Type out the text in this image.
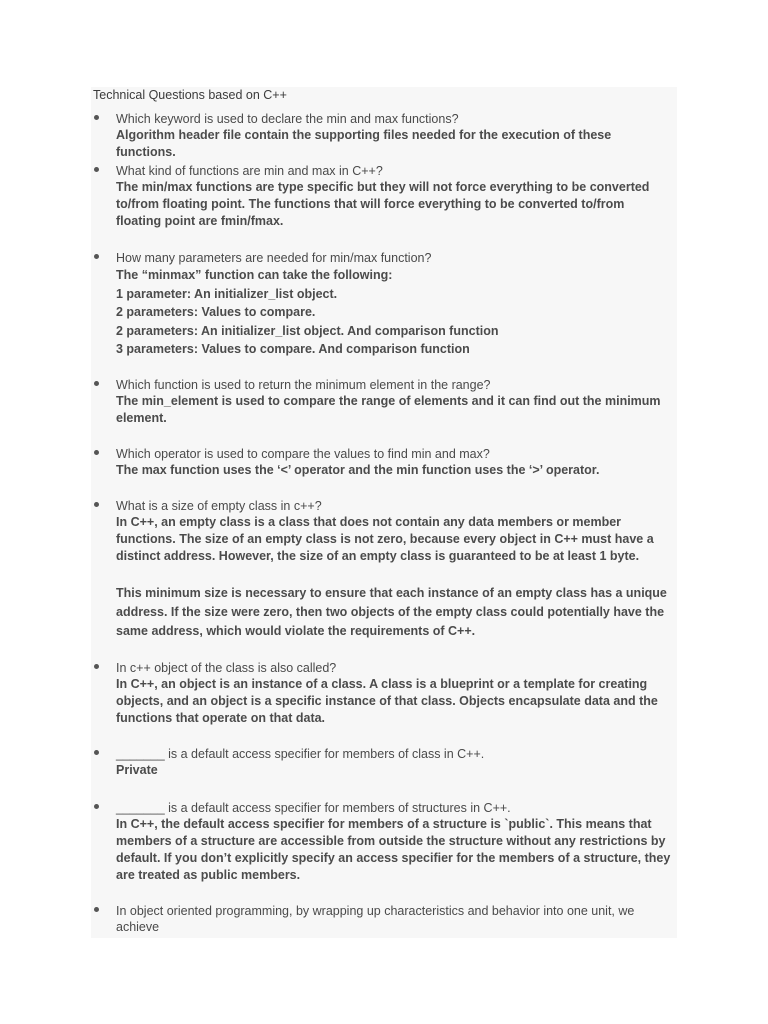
Technical Questions based on C++
Which keyword is used to declare the min and max functions?
Algorithm header file contain the supporting files needed for the execution of these functions.
What kind of functions are min and max in C++?
The min/max functions are type specific but they will not force everything to be converted to/from floating point. The functions that will force everything to be converted to/from floating point are fmin/fmax.
How many parameters are needed for min/max function?
The “minmax” function can take the following:
1 parameter: An initializer_list object.
2 parameters: Values to compare.
2 parameters: An initializer_list object. And comparison function
3 parameters: Values to compare. And comparison function
Which function is used to return the minimum element in the range?
The min_element is used to compare the range of elements and it can find out the minimum element.
Which operator is used to compare the values to find min and max?
The max function uses the ‘<’ operator and the min function uses the ‘>’ operator.
What is a size of empty class in c++?
In C++, an empty class is a class that does not contain any data members or member functions. The size of an empty class is not zero, because every object in C++ must have a distinct address. However, the size of an empty class is guaranteed to be at least 1 byte.
This minimum size is necessary to ensure that each instance of an empty class has a unique address. If the size were zero, then two objects of the empty class could potentially have the same address, which would violate the requirements of C++.
In c++ object of the class is also called?
In C++, an object is an instance of a class. A class is a blueprint or a template for creating objects, and an object is a specific instance of that class. Objects encapsulate data and the functions that operate on that data.
_______ is a default access specifier for members of class in C++.
Private
_______ is a default access specifier for members of structures in C++.
In C++, the default access specifier for members of a structure is `public`. This means that members of a structure are accessible from outside the structure without any restrictions by default. If you don’t explicitly specify an access specifier for the members of a structure, they are treated as public members.
In object oriented programming, by wrapping up characteristics and behavior into one unit, we achieve
